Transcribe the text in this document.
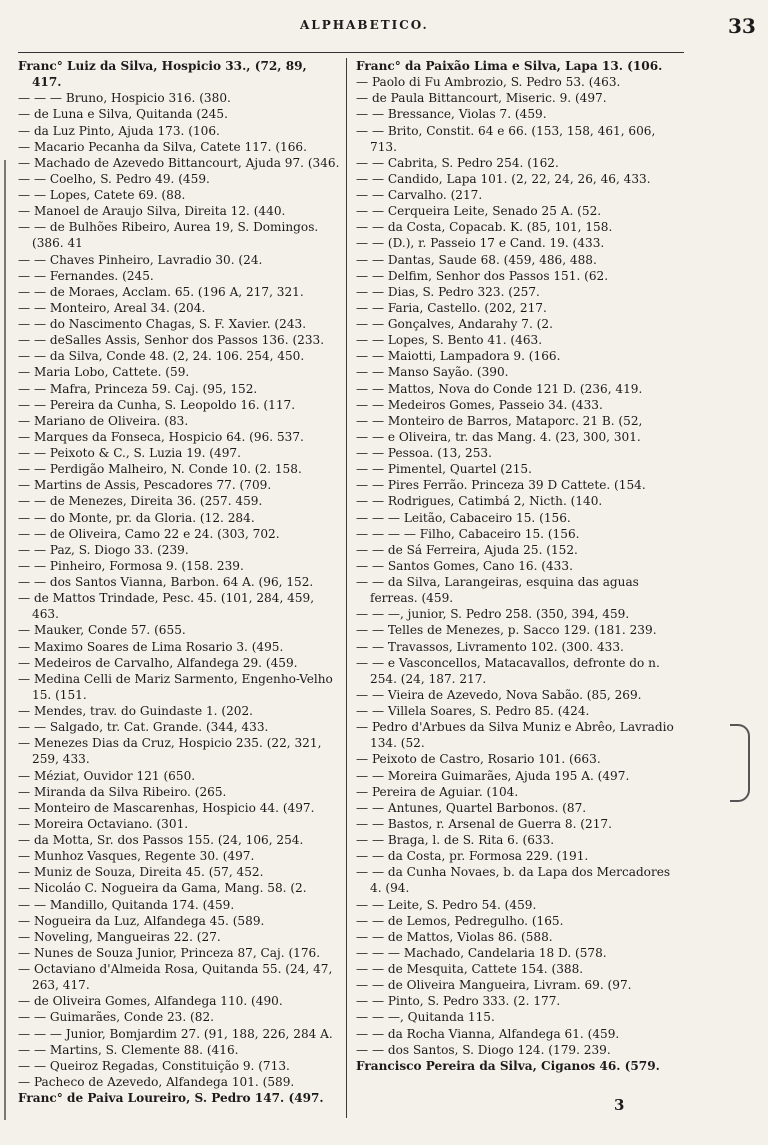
ALPHABETICO.	33

Franc° Luiz da Silva, Hospicio 33., (72, 89, 417.

— — — Bruno, Hospicio 316. (380.

— de Luna e Silva, Quitanda (245.

— da Luz Pinto, Ajuda 173. (106.

— Macario Pecanha da Silva, Catete 117. (166.

— Machado de Azevedo Bittancourt, Ajuda 97. (346.

— — Coelho, S. Pedro 49. (459.

— — Lopes, Catete 69. (88.

— Manoel de Araujo Silva, Direita 12. (440.

— — de Bulhões Ribeiro, Aurea 19, S. Domingos. (386. 41

— — Chaves Pinheiro, Lavradio 30. (24.

— — Fernandes. (245.

— — de Moraes, Acclam. 65. (196 A, 217, 321.

— — Monteiro, Areal 34. (204.

— — do Nascimento Chagas, S. F. Xavier. (243.

— — deSalles Assis, Senhor dos Passos 136. (233.

— — da Silva, Conde 48. (2, 24. 106. 254, 450.

— Maria Lobo, Cattete. (59.

— — Mafra, Princeza 59. Caj. (95, 152.

— — Pereira da Cunha, S. Leopoldo 16. (117.

— Mariano de Oliveira. (83.

— Marques da Fonseca, Hospicio 64. (96. 537.

— — Peixoto & C., S. Luzia 19. (497.

— — Perdigão Malheiro, N. Conde 10. (2. 158.

— Martins de Assis, Pescadores 77. (709.

— — de Menezes, Direita 36. (257. 459.

— — do Monte, pr. da Gloria. (12. 284.

— — de Oliveira, Camo 22 e 24. (303, 702.

— — Paz, S. Diogo 33. (239.

— — Pinheiro, Formosa 9. (158. 239.

— — dos Santos Vianna, Barbon. 64 A. (96, 152.

— de Mattos Trindade, Pesc. 45. (101, 284, 459, 463.

— Mauker, Conde 57. (655.

— Maximo Soares de Lima Rosario 3. (495.

— Medeiros de Carvalho, Alfandega 29. (459.

— Medina Celli de Mariz Sarmento, Engenho-Velho 15. (151.

— Mendes, trav. do Guindaste 1. (202.

— — Salgado, tr. Cat. Grande. (344, 433.

— Menezes Dias da Cruz, Hospicio 235. (22, 321, 259, 433.

— Méziat, Ouvidor 121 (650.

— Miranda da Silva Ribeiro. (265.

— Monteiro de Mascarenhas, Hospicio 44. (497.

— Moreira Octaviano. (301.

— da Motta, Sr. dos Passos 155. (24, 106, 254.

— Munhoz Vasques, Regente 30. (497.

— Muniz de Souza, Direita 45. (57, 452.

— Nicoláo C. Nogueira da Gama, Mang. 58. (2.

— — Mandillo, Quitanda 174. (459.

— Nogueira da Luz, Alfandega 45. (589.

— Noveling, Mangueiras 22. (27.

— Nunes de Souza Junior, Princeza 87, Caj. (176.

— Octaviano d'Almeida Rosa, Quitanda 55. (24, 47, 263, 417.

— de Oliveira Gomes, Alfandega 110. (490.

— — Guimarães, Conde 23. (82.

— — — Junior, Bomjardim 27. (91, 188, 226, 284 A.

— — Martins, S. Clemente 88. (416.

— — Queiroz Regadas, Constituição 9. (713.

— Pacheco de Azevedo, Alfandega 101. (589.

Franc° de Paiva Loureiro, S. Pedro 147. (497.

Franc° da Paixão Lima e Silva, Lapa 13. (106.

— Paolo di Fu Ambrozio, S. Pedro 53. (463.

— de Paula Bittancourt, Miseric. 9. (497.

— — Bressance, Violas 7. (459.

— — Brito, Constit. 64 e 66. (153, 158, 461, 606, 713.

— — Cabrita, S. Pedro 254. (162.

— — Candido, Lapa 101. (2, 22, 24, 26, 46, 433.

— — Carvalho. (217.

— — Cerqueira Leite, Senado 25 A. (52.

— — da Costa, Copacab. K. (85, 101, 158.

— — (D.), r. Passeio 17 e Cand. 19. (433.

— — Dantas, Saude 68. (459, 486, 488.

— — Delfim, Senhor dos Passos 151. (62.

— — Dias, S. Pedro 323. (257.

— — Faria, Castello. (202, 217.

— — Gonçalves, Andarahy 7. (2.

— — Lopes, S. Bento 41. (463.

— — Maiotti, Lampadora 9. (166.

— — Manso Sayão. (390.

— — Mattos, Nova do Conde 121 D. (236, 419.

— — Medeiros Gomes, Passeio 34. (433.

— — Monteiro de Barros, Mataporc. 21 B. (52,

— — e Oliveira, tr. das Mang. 4. (23, 300, 301.

— — Pessoa. (13, 253.

— — Pimentel, Quartel (215.

— — Pires Ferrão. Princeza 39 D Cattete. (154.

— — Rodrigues, Catimbá 2, Nicth. (140.

— — — Leitão, Cabaceiro 15. (156.

— — — — Filho, Cabaceiro 15. (156.

— — de Sá Ferreira, Ajuda 25. (152.

— — Santos Gomes, Cano 16. (433.

— — da Silva, Larangeiras, esquina das aguas ferreas. (459.

— — —, junior, S. Pedro 258. (350, 394, 459.

— — Telles de Menezes, p. Sacco 129. (181. 239.

— — Travassos, Livramento 102. (300. 433.

— — e Vasconcellos, Matacavallos, defronte do n. 254. (24, 187. 217.

— — Vieira de Azevedo, Nova Sabão. (85, 269.

— — Villela Soares, S. Pedro 85. (424.

— Pedro d'Arbues da Silva Muniz e Abrêo, Lavradio 134. (52.

— Peixoto de Castro, Rosario 101. (663.

— — Moreira Guimarães, Ajuda 195 A. (497.

— Pereira de Aguiar. (104.

— — Antunes, Quartel Barbonos. (87.

— — Bastos, r. Arsenal de Guerra 8. (217.

— — Braga, l. de S. Rita 6. (633.

— — da Costa, pr. Formosa 229. (191.

— — da Cunha Novaes, b. da Lapa dos Mercadores 4. (94.

— — Leite, S. Pedro 54. (459.

— — de Lemos, Pedregulho. (165.

— — de Mattos, Violas 86. (588.

— — — Machado, Candelaria 18 D. (578.

— — de Mesquita, Cattete 154. (388.

— — de Oliveira Mangueira, Livram. 69. (97.

— — Pinto, S. Pedro 333. (2. 177.

— — —, Quitanda 115.

— — da Rocha Vianna, Alfandega 61. (459.

— — dos Santos, S. Diogo 124. (179. 239.

Francisco Pereira da Silva, Ciganos 46. (579.

3
